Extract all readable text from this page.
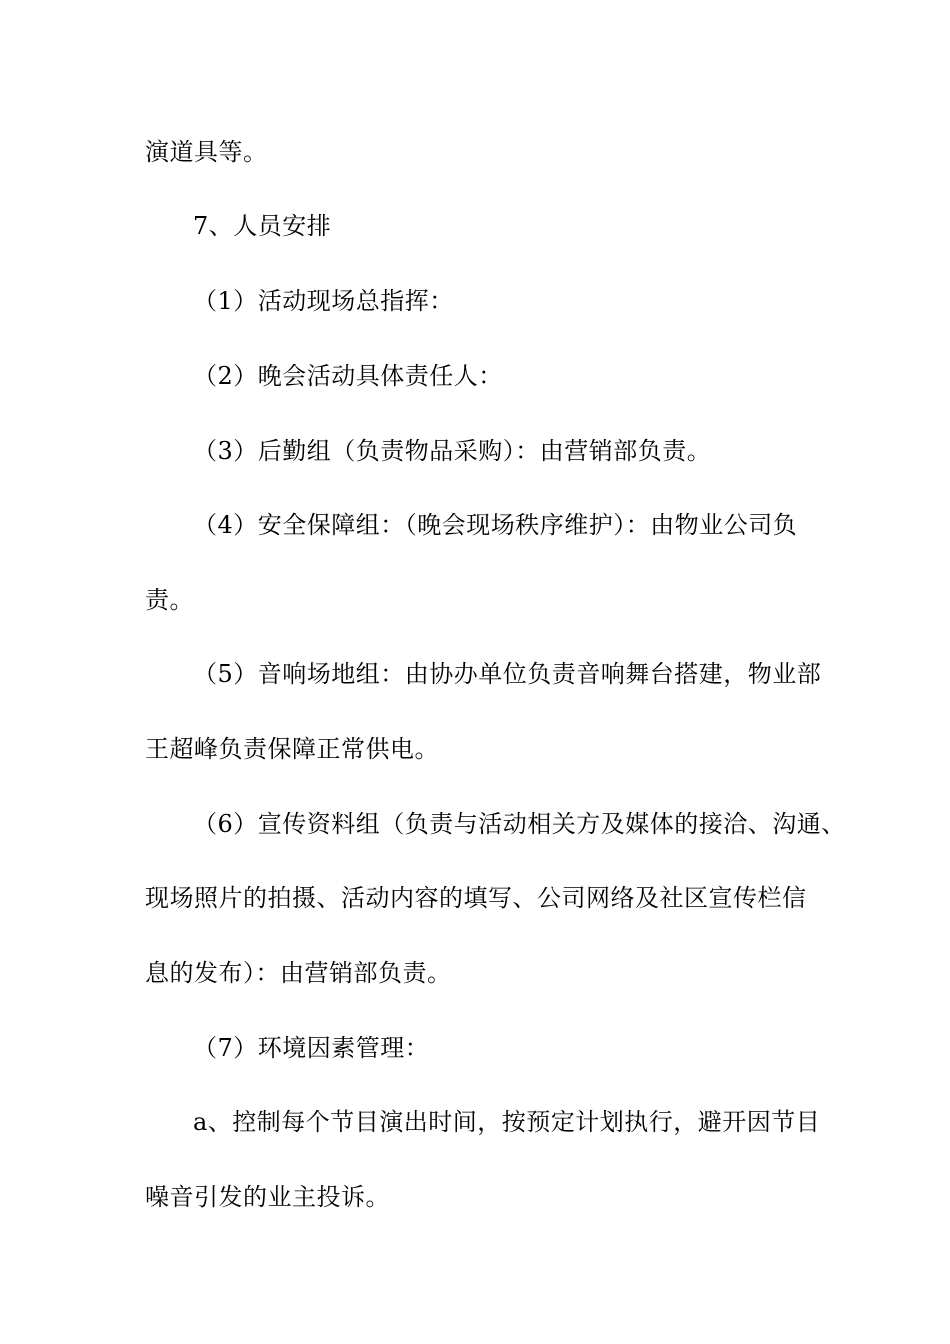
演道具等。
7、人员安排
（1）活动现场总指挥：
（2）晚会活动具体责任人：
（3）后勤组（负责物品采购）：由营销部负责。
（4）安全保障组：（晚会现场秩序维护）：由物业公司负
责。
（5）音响场地组：由协办单位负责音响舞台搭建，物业部
王超峰负责保障正常供电。
（6）宣传资料组（负责与活动相关方及媒体的接洽、沟通、
现场照片的拍摄、活动内容的填写、公司网络及社区宣传栏信
息的发布）：由营销部负责。
（7）环境因素管理：
a、控制每个节目演出时间，按预定计划执行，避开因节目
噪音引发的业主投诉。
